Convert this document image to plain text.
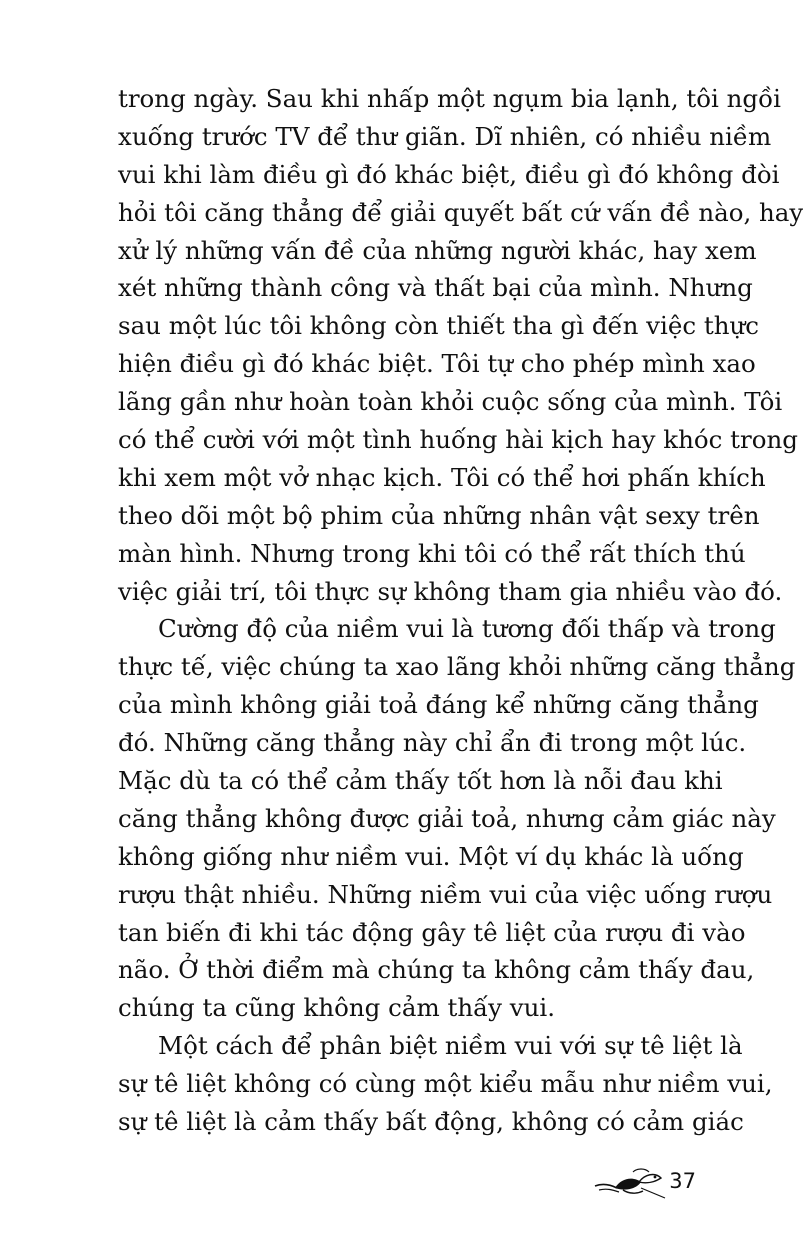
trong ngày. Sau khi nhấp một ngụm bia lạnh, tôi ngồi
xuống trước TV để thư giãn. Dĩ nhiên, có nhiều niềm
vui khi làm điều gì đó khác biệt, điều gì đó không đòi
hỏi tôi căng thẳng để giải quyết bất cứ vấn đề nào, hay
xử lý những vấn đề của những người khác, hay xem
xét những thành công và thất bại của mình. Nhưng
sau một lúc tôi không còn thiết tha gì đến việc thực
hiện điều gì đó khác biệt. Tôi tự cho phép mình xao
lãng gần như hoàn toàn khỏi cuộc sống của mình. Tôi
có thể cười với một tình huống hài kịch hay khóc trong
khi xem một vở nhạc kịch. Tôi có thể hơi phấn khích
theo dõi một bộ phim của những nhân vật sexy trên
màn hình. Nhưng trong khi tôi có thể rất thích thú
việc giải trí, tôi thực sự không tham gia nhiều vào đó.
Cường độ của niềm vui là tương đối thấp và trong
thực tế, việc chúng ta xao lãng khỏi những căng thẳng
của mình không giải toả đáng kể những căng thẳng
đó. Những căng thẳng này chỉ ẩn đi trong một lúc.
Mặc dù ta có thể cảm thấy tốt hơn là nỗi đau khi
căng thẳng không được giải toả, nhưng cảm giác này
không giống như niềm vui. Một ví dụ khác là uống
rượu thật nhiều. Những niềm vui của việc uống rượu
tan biến đi khi tác động gây tê liệt của rượu đi vào
não. Ở thời điểm mà chúng ta không cảm thấy đau,
chúng ta cũng không cảm thấy vui.
Một cách để phân biệt niềm vui với sự tê liệt là
sự tê liệt không có cùng một kiểu mẫu như niềm vui,
sự tê liệt là cảm thấy bất động, không có cảm giác
37
